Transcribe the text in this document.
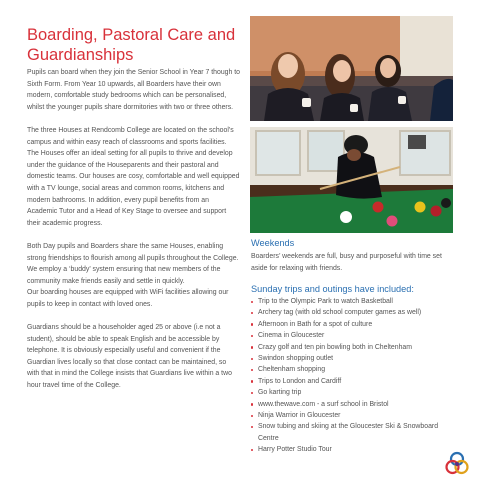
Boarding, Pastoral Care and Guardianships

Pupils can board when they join the Senior School in Year 7 though to Sixth Form. From Year 10 upwards, all Boarders have their own modern, comfortable study bedrooms which can be personalised, whilst the younger pupils share dormitories with two or three others.

The three Houses at Rendcomb College are located on the school’s campus and within easy reach of classrooms and sports facilities. The Houses offer an ideal setting for all pupils to thrive and develop under the guidance of the Houseparents and their pastoral and domestic teams. Our houses are cosy, comfortable and well equipped with a TV lounge, social areas and common rooms, kitchens and modern bathrooms. In addition, every pupil benefits from an Academic Tutor and a Head of Key Stage to oversee and support their academic progress.

Both Day pupils and Boarders share the same Houses, enabling strong friendships to flourish among all pupils throughout the College. We employ a ‘buddy’ system ensuring that new members of the community make friends easily and settle in quickly.

Our boarding houses are equipped with WiFi facilities allowing our pupils to keep in contact with loved ones.

Guardians should be a householder aged 25 or above (i.e not a student), should be able to speak English and be accessible by telephone. It is obviously especially useful and convenient if the Guardian lives locally so that close contact can be maintained, so with that in mind the College insists that Guardians live within a two hour travel time of the College.

Weekends

Boarders’ weekends are full, busy and purposeful with time set aside for relaxing with friends.

Sunday trips and outings have included:
Trip to the Olympic Park to watch Basketball
Archery tag (with old school computer games as well)
Afternoon in Bath for a spot of culture
Cinema in Gloucester
Crazy golf and ten pin bowling both in Cheltenham
Swindon shopping outlet
Cheltenham shopping
Trips to London and Cardiff
Go karting trip
www.thewave.com - a surf school in Bristol
Ninja Warrior in Gloucester
Snow tubing and skiing at the Gloucester Ski & Snowboard Centre
Harry Potter Studio Tour
